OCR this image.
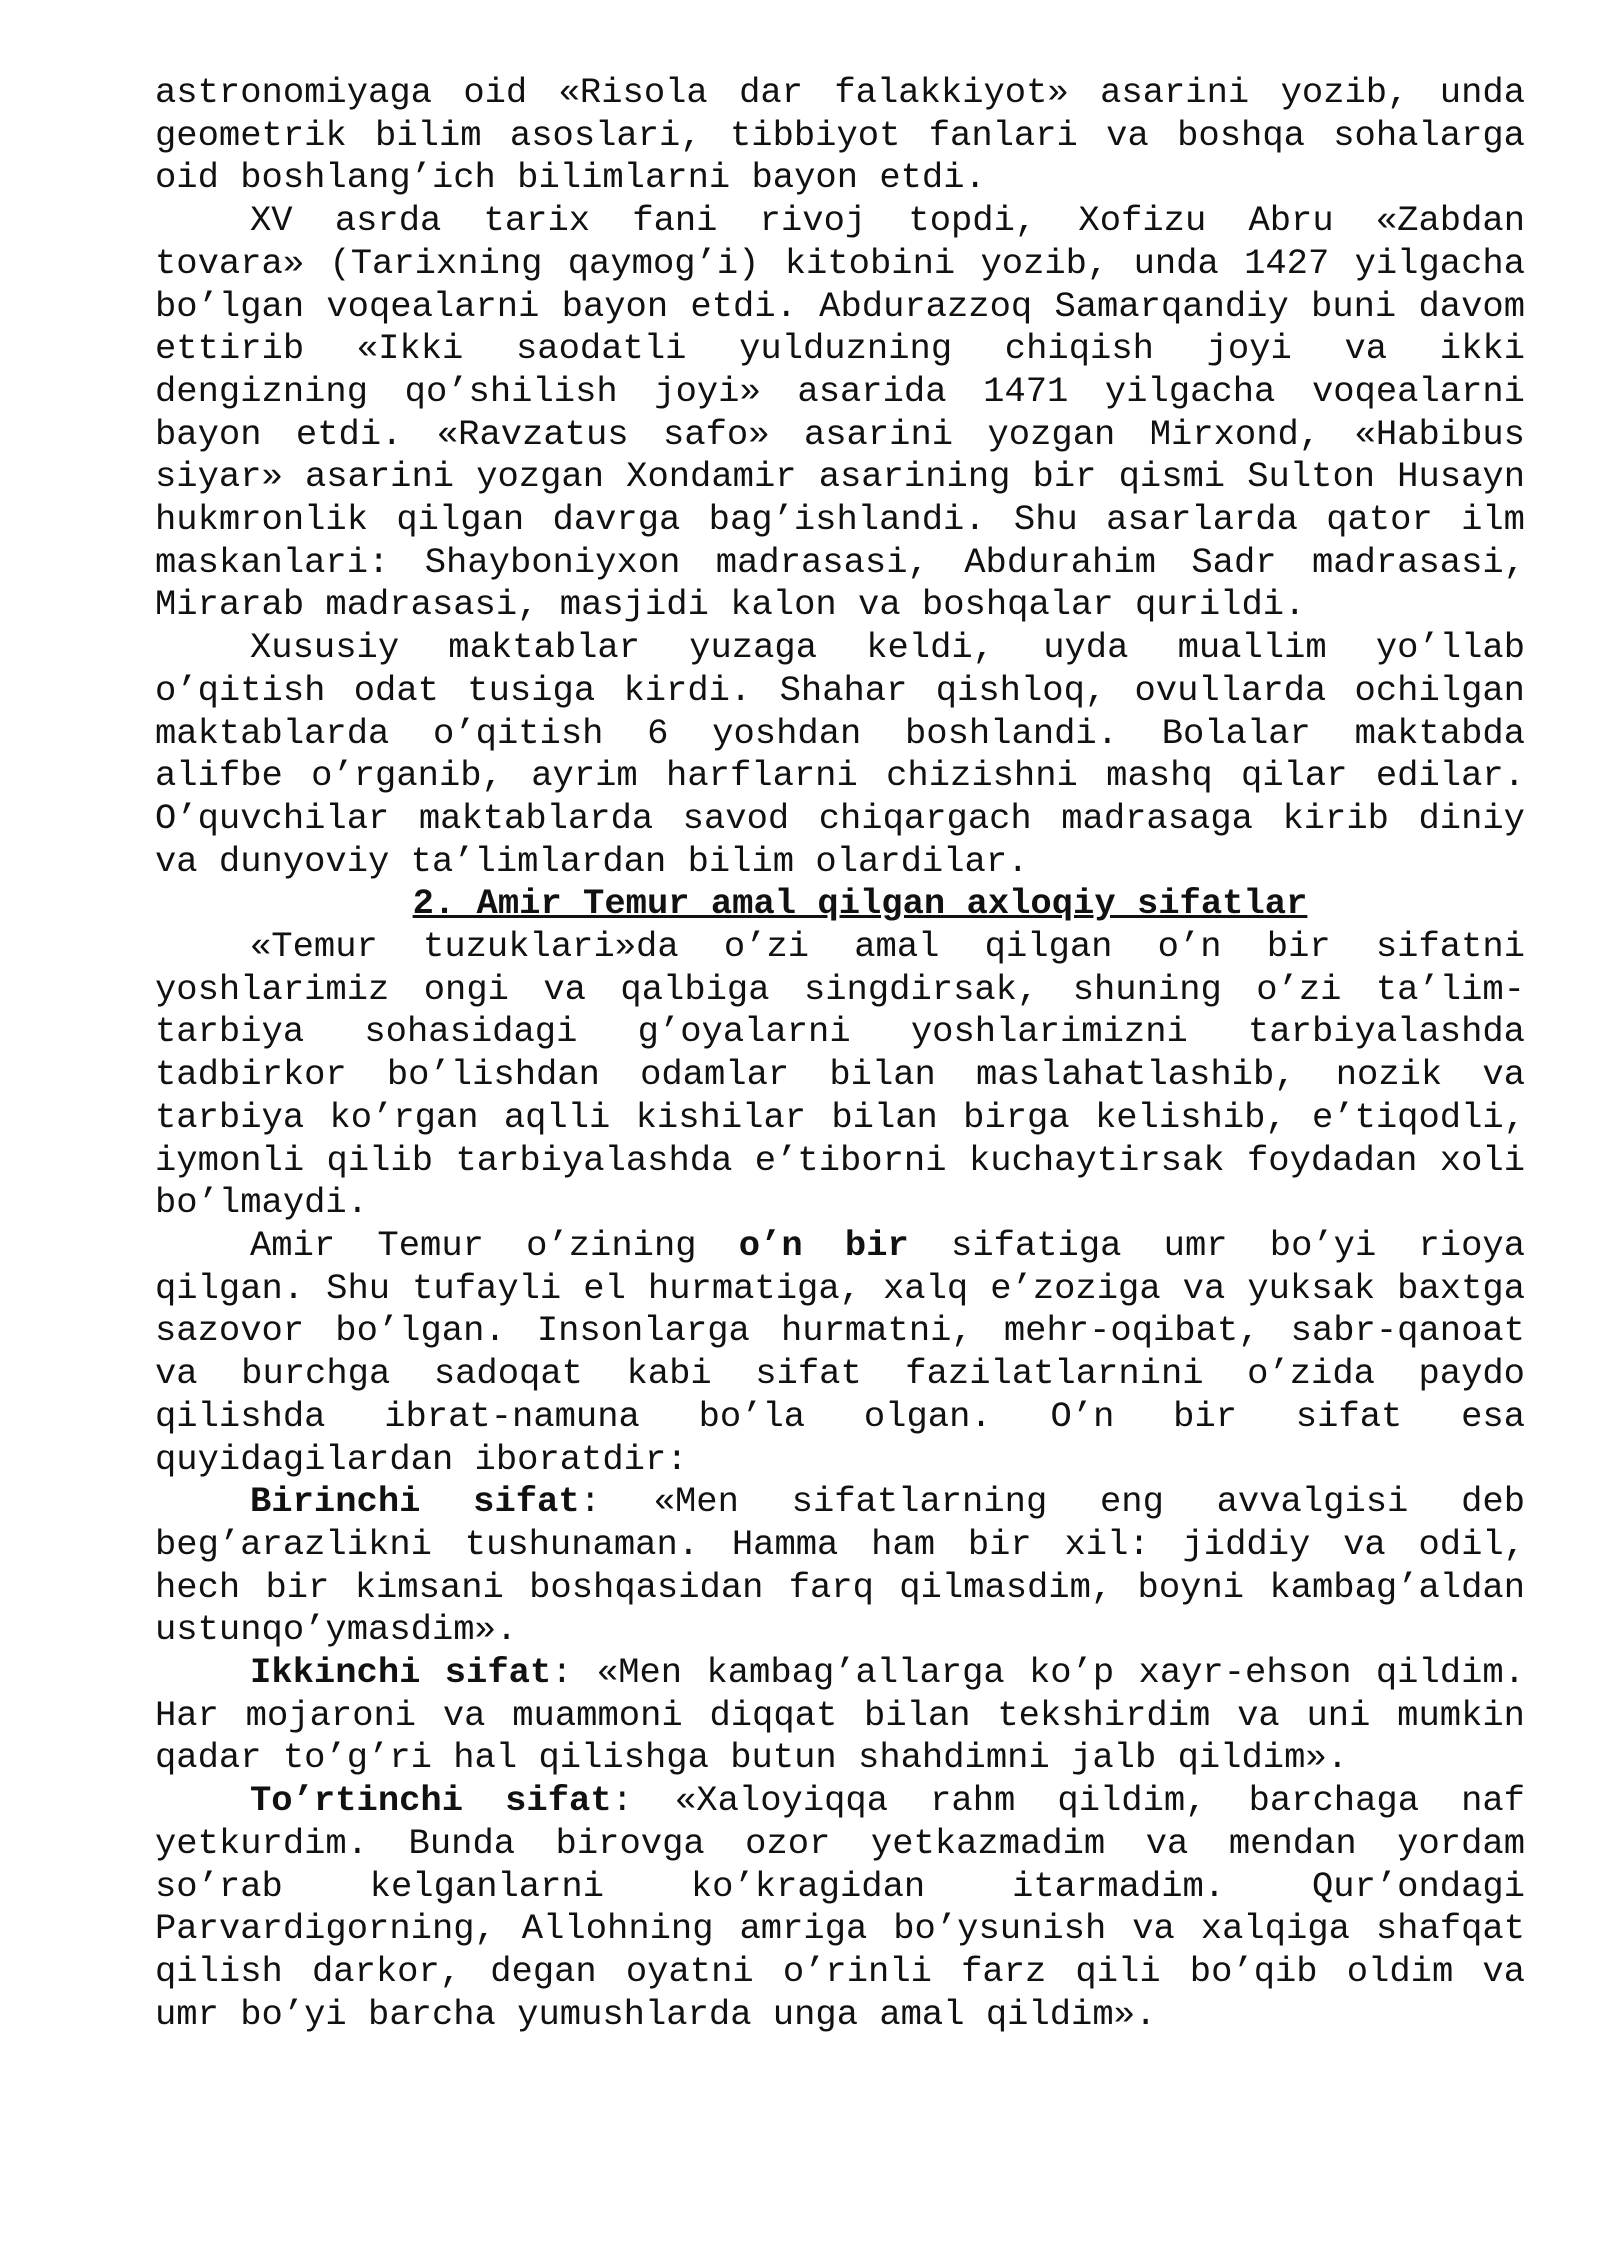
astronomiyaga oid «Risola dar falakkiyot» asarini yozib, unda geometrik bilim asoslari, tibbiyot fanlari va boshqa sohalarga oid boshlang’ich bilimlarni bayon etdi.

XV asrda tarix fani rivoj topdi, Xofizu Abru «Zabdan tovara» (Tarixning qaymog’i) kitobini yozib, unda 1427 yilgacha bo’lgan voqealarni bayon etdi. Abdurazzoq Samarqandiy buni davom ettirib «Ikki saodatli yulduzning chiqish joyi va ikki dengizning qo’shilish joyi» asarida 1471 yilgacha voqealarni bayon etdi. «Ravzatus safo» asarini yozgan Mirxond, «Habibus siyar» asarini yozgan Xondamir asarining bir qismi Sulton Husayn hukmronlik qilgan davrga bag’ishlandi. Shu asarlarda qator ilm maskanlari: Shayboniyxon madrasasi, Abdurahim Sadr madrasasi, Mirarab madrasasi, masjidi kalon va boshqalar qurildi.

Xususiy maktablar yuzaga keldi, uyda muallim yo’llab o’qitish odat tusiga kirdi. Shahar qishloq, ovullarda ochilgan maktablarda o’qitish 6 yoshdan boshlandi. Bolalar maktabda alifbe o’rganib, ayrim harflarni chizishni mashq qilar edilar. O’quvchilar maktablarda savod chiqargach madrasaga kirib diniy va dunyoviy ta’limlardan bilim olardilar.

2. Amir Temur amal qilgan axloqiy sifatlar

«Temur tuzuklari»da o’zi amal qilgan o’n bir sifatni yoshlarimiz ongi va qalbiga singdirsak, shuning o’zi ta’lim-tarbiya sohasidagi g’oyalarni yoshlarimizni tarbiyalashda tadbirkor bo’lishdan odamlar bilan maslahatlashib, nozik va tarbiya ko’rgan aqlli kishilar bilan birga kelishib, e’tiqodli, iymonli qilib tarbiyalashda e’tiborni kuchaytirsak foydadan xoli bo’lmaydi.

Amir Temur o’zining o’n bir sifatiga umr bo’yi rioya qilgan. Shu tufayli el hurmatiga, xalq e’zoziga va yuksak baxtga sazovor bo’lgan. Insonlarga hurmatni, mehr-oqibat, sabr-qanoat va burchga sadoqat kabi sifat fazilatlarnini o’zida paydo qilishda ibrat-namuna bo’la olgan. O’n bir sifat esa quyidagilardan iboratdir:

Birinchi sifat: «Men sifatlarning eng avvalgisi deb beg’arazlikni tushunaman. Hamma ham bir xil: jiddiy va odil, hech bir kimsani boshqasidan farq qilmasdim, boyni kambag’aldan ustunqo’ymasdim».

Ikkinchi sifat: «Men kambag’allarga ko’p xayr-ehson qildim. Har mojaroni va muammoni diqqat bilan tekshirdim va uni mumkin qadar to’g’ri hal qilishga butun shahdimni jalb qildim».

To’rtinchi sifat: «Xaloyiqqa rahm qildim, barchaga naf yetkurdim. Bunda birovga ozor yetkazmadim va mendan yordam so’rab kelganlarni ko’kragidan itarmadim. Qur’ondagi Parvardigorning, Allohning amriga bo’ysunish va xalqiga shafqat qilish darkor, degan oyatni o’rinli farz qili bo’qib oldim va umr bo’yi barcha yumushlarda unga amal qildim».
